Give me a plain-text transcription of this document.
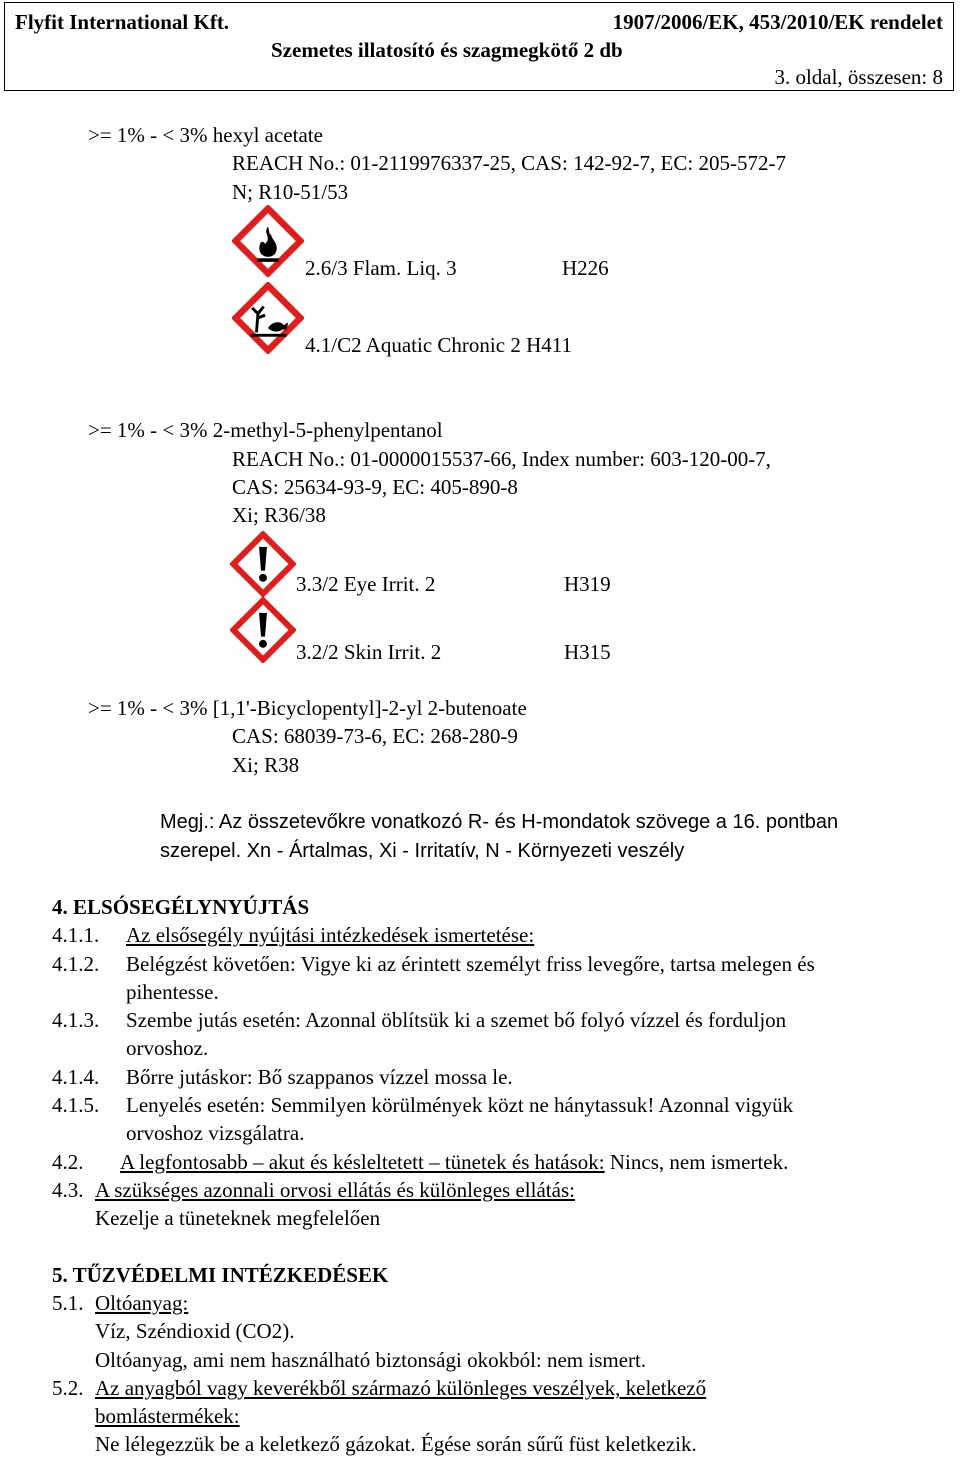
Flyfit International Kft.	1907/2006/EK, 453/2010/EK rendelet
Szemetes illatosító és szagmegkötő 2 db
3. oldal, összesen: 8
>= 1% - < 3% hexyl acetate
REACH No.: 01-2119976337-25, CAS: 142-92-7, EC: 205-572-7
N; R10-51/53
2.6/3 Flam. Liq. 3	H226
4.1/C2 Aquatic Chronic 2 H411
>= 1% - < 3% 2-methyl-5-phenylpentanol
REACH No.: 01-0000015537-66, Index number: 603-120-00-7,
CAS: 25634-93-9, EC: 405-890-8
Xi; R36/38
3.3/2 Eye Irrit. 2	H319
3.2/2 Skin Irrit. 2	H315
>= 1% - < 3% [1,1'-Bicyclopentyl]-2-yl 2-butenoate
CAS: 68039-73-6, EC: 268-280-9
Xi; R38
Megj.: Az összetevőkre vonatkozó R- és H-mondatok szövege a 16. pontban
szerepel. Xn - Ártalmas, Xi - Irritatív, N - Környezeti veszély
4. ELSÓSEGÉLYNYÚJTÁS
4.1.1. Az elsősegély nyújtási intézkedések ismertetése:
4.1.2. Belégzést követően: Vigye ki az érintett személyt friss levegőre, tartsa melegen és
pihentesse.
4.1.3. Szembe jutás esetén: Azonnal öblítsük ki a szemet bő folyó vízzel és forduljon
orvoshoz.
4.1.4. Bőrre jutáskor: Bő szappanos vízzel mossa le.
4.1.5. Lenyelés esetén: Semmilyen körülmények közt ne hánytassuk! Azonnal vigyük
orvoshoz vizsgálatra.
4.2. A legfontosabb – akut és késleltetett – tünetek és hatások: Nincs, nem ismertek.
4.3. A szükséges azonnali orvosi ellátás és különleges ellátás:
Kezelje a tüneteknek megfelelően
5. TŰZVÉDELMI INTÉZKEDÉSEK
5.1. Oltóanyag:
Víz, Széndioxid (CO2).
Oltóanyag, ami nem használható biztonsági okokból: nem ismert.
5.2. Az anyagból vagy keverékből származó különleges veszélyek, keletkező
bomlástermékek:
Ne lélegezzük be a keletkező gázokat. Égése során sűrű füst keletkezik.
